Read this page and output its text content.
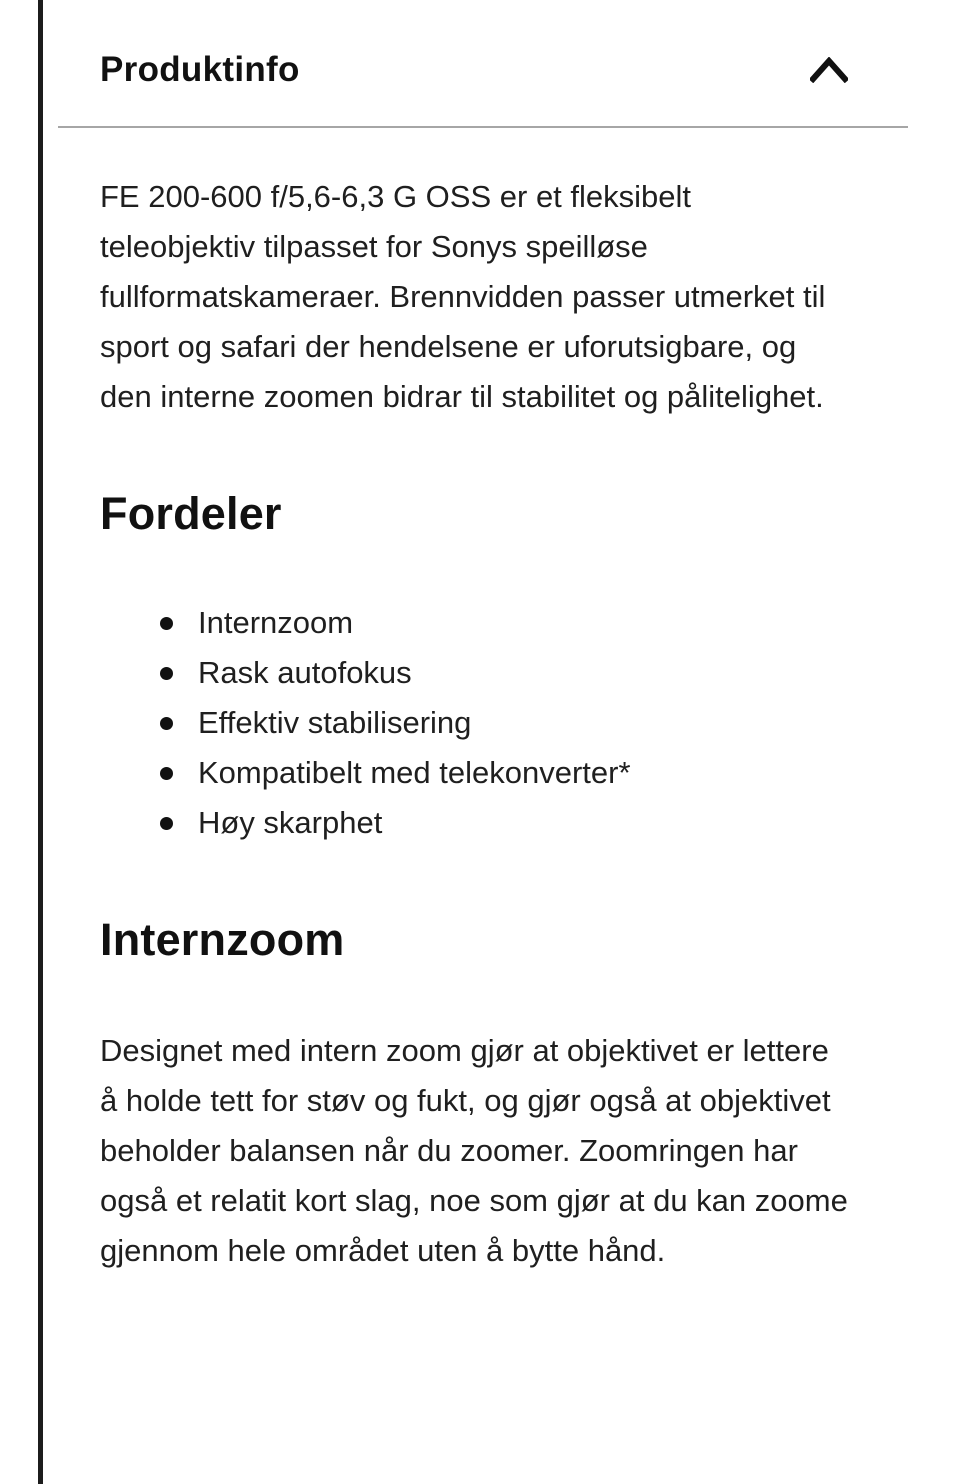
Produktinfo

FE 200-600 f/5,6-6,3 G OSS er et fleksibelt teleobjektiv tilpasset for Sonys speilløse fullformatskameraer. Brennvidden passer utmerket til sport og safari der hendelsene er uforutsigbare, og den interne zoomen bidrar til stabilitet og pålitelighet.

Fordeler
Internzoom
Rask autofokus
Effektiv stabilisering
Kompatibelt med telekonverter*
Høy skarphet
Internzoom

Designet med intern zoom gjør at objektivet er lettere å holde tett for støv og fukt, og gjør også at objektivet beholder balansen når du zoomer. Zoomringen har også et relatit kort slag, noe som gjør at du kan zoome gjennom hele området uten å bytte hånd.
